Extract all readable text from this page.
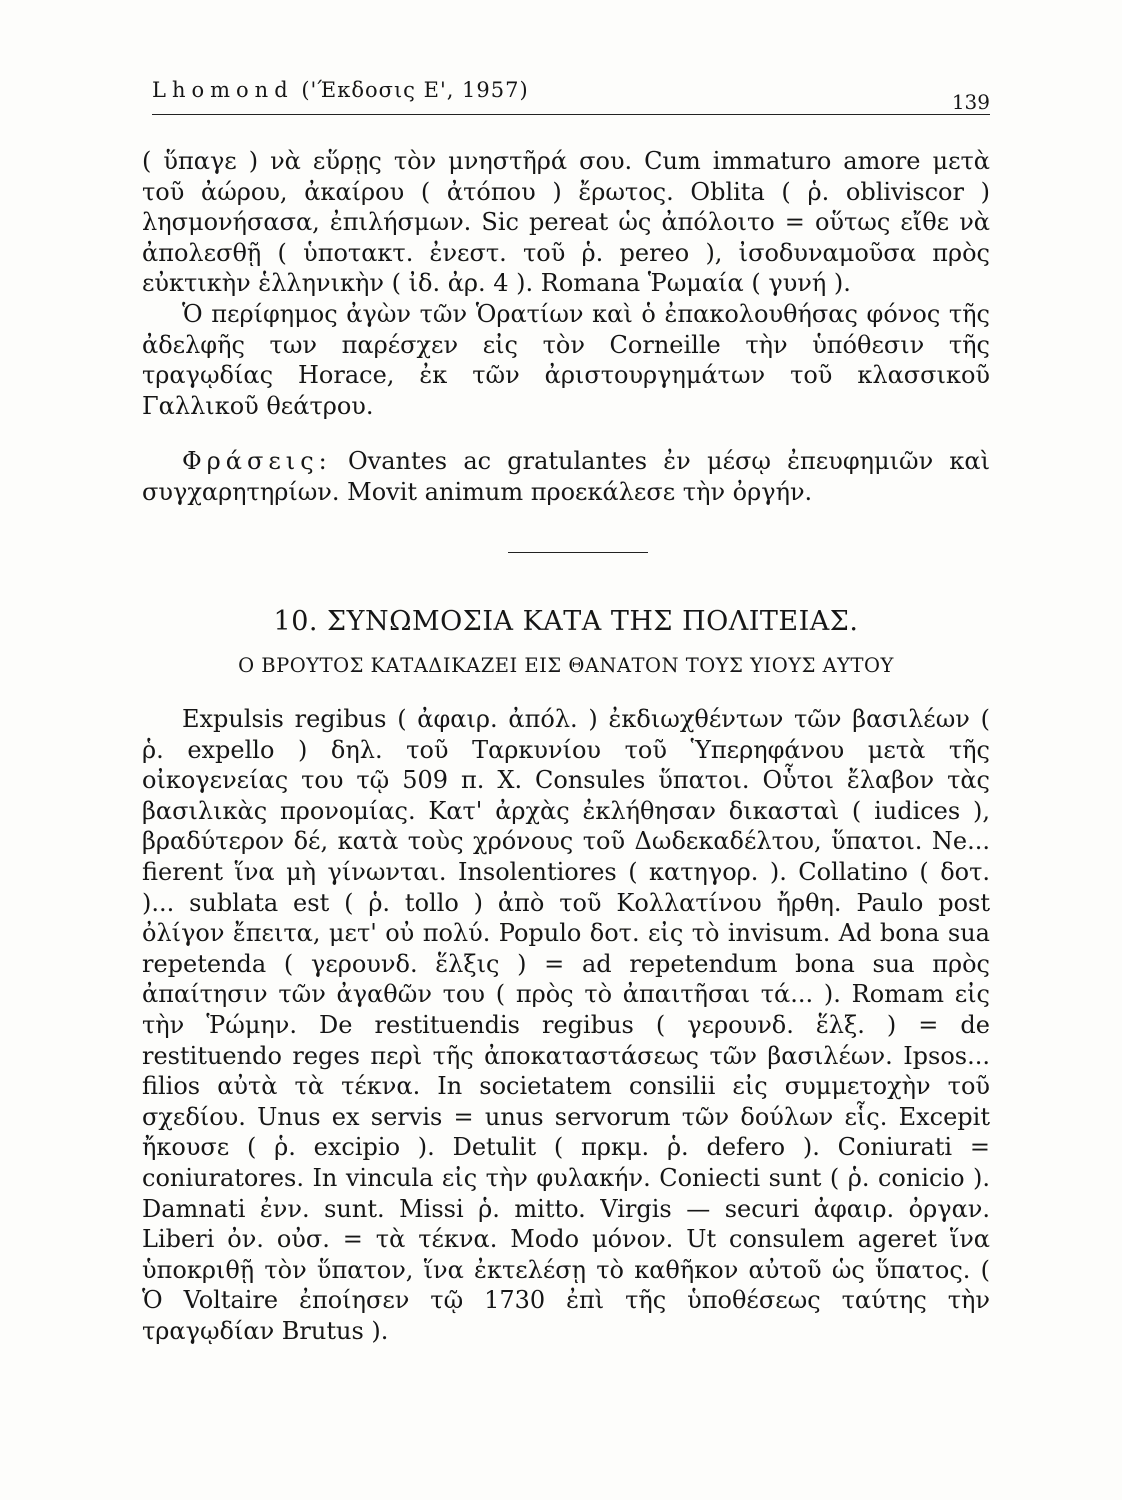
Lhomond ('Έκδοσις Ε', 1957)	139

( ὕπαγε ) νὰ εὕρῃς τὸν μνηστῆρά σου. Cum immaturo amore μετὰ τοῦ ἀώρου, ἀκαίρου ( ἀτόπου ) ἔρωτος. Oblita ( ῥ. obliviscor ) λησμονήσασα, ἐπιλήσμων. Sic pereat ὡς ἀπόλοιτο = οὕτως εἴθε νὰ ἀπολεσθῇ ( ὑποτακτ. ἐνεστ. τοῦ ῥ. pereo ), ἰσοδυναμοῦσα πρὸς εὐκτικὴν ἑλληνικὴν ( ἰδ. ἀρ. 4 ). Romana Ῥωμαία ( γυνή ).

Ὁ περίφημος ἀγὼν τῶν Ὁρατίων καὶ ὁ ἐπακολουθήσας φόνος τῆς ἀδελφῆς των παρέσχεν εἰς τὸν Corneille τὴν ὑπόθεσιν τῆς τραγῳδίας Horace, ἐκ τῶν ἀριστουργημάτων τοῦ κλασσικοῦ Γαλλικοῦ θεάτρου.

Φράσεις: Ovantes ac gratulantes ἐν μέσῳ ἐπευφημιῶν καὶ συγχαρητηρίων. Movit animum προεκάλεσε τὴν ὀργήν.

10. ΣΥΝΩΜΟΣΙΑ ΚΑΤΑ ΤΗΣ ΠΟΛΙΤΕΙΑΣ.
Ο ΒΡΟΥΤΟΣ ΚΑΤΑΔΙΚΑΖΕΙ ΕΙΣ ΘΑΝΑΤΟΝ ΤΟΥΣ ΥΙΟΥΣ ΑΥΤΟΥ

Expulsis regibus ( ἀφαιρ. ἀπόλ. ) ἐκδιωχθέντων τῶν βασιλέων ( ῥ. expello ) δηλ. τοῦ Ταρκυνίου τοῦ Ὑπερηφάνου μετὰ τῆς οἰκογενείας του τῷ 509 π. Χ. Consules ὕπατοι. Οὗτοι ἔλαβον τὰς βασιλικὰς προνομίας. Κατ' ἀρχὰς ἐκλήθησαν δικασταὶ ( iudices ), βραδύτερον δέ, κατὰ τοὺς χρόνους τοῦ Δωδεκαδέλτου, ὕπατοι. Ne... fierent ἵνα μὴ γίνωνται. Insolentiores ( κατηγορ. ). Collatino ( δοτ. )... sublata est ( ῥ. tollo ) ἀπὸ τοῦ Κολλατίνου ἤρθη. Paulo post ὀλίγον ἔπειτα, μετ' οὐ πολύ. Populo δοτ. εἰς τὸ invisum. Ad bona sua repetenda ( γερουνδ. ἕλξις ) = ad repetendum bona sua πρὸς ἀπαίτησιν τῶν ἀγαθῶν του ( πρὸς τὸ ἀπαιτῆσαι τά... ). Romam εἰς τὴν Ῥώμην. De restituendis regibus ( γερουνδ. ἕλξ. ) = de restituendo reges περὶ τῆς ἀποκαταστάσεως τῶν βασιλέων. Ipsos... filios αὐτὰ τὰ τέκνα. In societatem consilii εἰς συμμετοχὴν τοῦ σχεδίου. Unus ex servis = unus servorum τῶν δούλων εἷς. Excepit ἤκουσε ( ῥ. excipio ). Detulit ( πρκμ. ῥ. defero ). Coniurati = coniuratores. In vincula εἰς τὴν φυλακήν. Coniecti sunt ( ῥ. conicio ). Damnati ἐνν. sunt. Missi ῥ. mitto. Virgis — securi ἀφαιρ. ὀργαν. Liberi ὀν. οὐσ. = τὰ τέκνα. Modo μόνον. Ut consulem ageret ἵνα ὑποκριθῇ τὸν ὕπατον, ἵνα ἐκτελέσῃ τὸ καθῆκον αὐτοῦ ὡς ὕπατος. ( Ὁ Voltaire ἐποίησεν τῷ 1730 ἐπὶ τῆς ὑποθέσεως ταύτης τὴν τραγῳδίαν Brutus ).
